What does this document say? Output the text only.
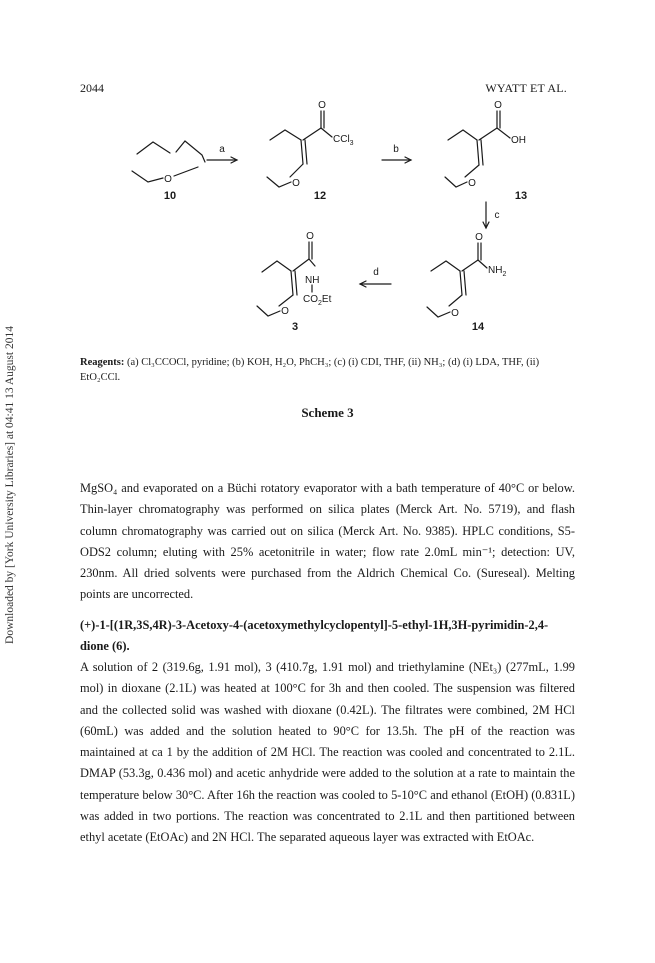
Downloaded by [York University Libraries] at 04:41 13 August 2014
2044	WYATT ET AL.
10	12	13
14
3
a	b
c
d
O	O
O
CCl$_3$
O
O
OH
O
O
$NH_2$
O
O
NH
$CO_2Et$
Reagents: (a) Cl₃CCOCl, pyridine; (b) KOH, H₂O, PhCH₃; (c) (i) CDI, THF, (ii) NH₃; (d) (i) LDA, THF, (ii) EtO₂CCl.
Scheme 3

MgSO₄ and evaporated on a Büchi rotatory evaporator with a bath temperature of 40°C or below. Thin-layer chromatography was performed on silica plates (Merck Art. No. 5719), and flash column chromatography was carried out on silica (Merck Art. No. 9385). HPLC conditions, S5-ODS2 column; eluting with 25% acetonitrile in water; flow rate 2.0mL min⁻¹; detection: UV, 230nm. All dried solvents were purchased from the Aldrich Chemical Co. (Sureseal). Melting points are uncorrected.

(+)-1-[(1R,3S,4R)-3-Acetoxy-4-(acetoxymethylcyclopentyl]-5-ethyl-1H,3H-pyrimidin-2,4-dione (6).

A solution of 2 (319.6g, 1.91 mol), 3 (410.7g, 1.91 mol) and triethylamine (NEt₃) (277mL, 1.99 mol) in dioxane (2.1L) was heated at 100°C for 3h and then cooled. The suspension was filtered and the collected solid was washed with dioxane (0.42L). The filtrates were combined, 2M HCl (60mL) was added and the solution heated to 90°C for 13.5h. The pH of the reaction was maintained at ca 1 by the addition of 2M HCl. The reaction was cooled and concentrated to 2.1L. DMAP (53.3g, 0.436 mol) and acetic anhydride were added to the solution at a rate to maintain the temperature below 30°C. After 16h the reaction was cooled to 5-10°C and ethanol (EtOH) (0.831L) was added in two portions. The reaction was concentrated to 2.1L and then partitioned between ethyl acetate (EtOAc) and 2N HCl. The separated aqueous layer was extracted with EtOAc.
